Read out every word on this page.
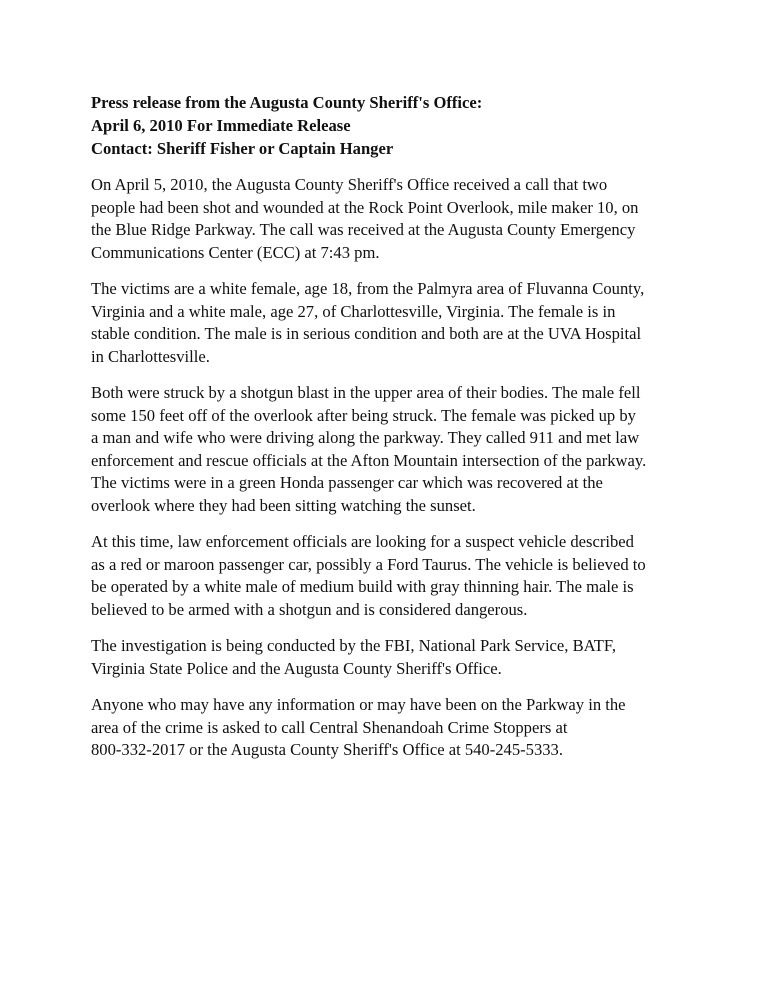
Press release from the Augusta County Sheriff's Office:
April 6, 2010 For Immediate Release
Contact: Sheriff Fisher or Captain Hanger
On April 5, 2010, the Augusta County Sheriff's Office received a call that two
people had been shot and wounded at the Rock Point Overlook, mile maker 10, on
the Blue Ridge Parkway. The call was received at the Augusta County Emergency
Communications Center (ECC) at 7:43 pm.
The victims are a white female, age 18, from the Palmyra area of Fluvanna County,
Virginia and a white male, age 27, of Charlottesville, Virginia. The female is in
stable condition. The male is in serious condition and both are at the UVA Hospital
in Charlottesville.
Both were struck by a shotgun blast in the upper area of their bodies. The male fell
some 150 feet off of the overlook after being struck. The female was picked up by
a man and wife who were driving along the parkway. They called 911 and met law
enforcement and rescue officials at the Afton Mountain intersection of the parkway.
The victims were in a green Honda passenger car which was recovered at the
overlook where they had been sitting watching the sunset.
At this time, law enforcement officials are looking for a suspect vehicle described
as a red or maroon passenger car, possibly a Ford Taurus. The vehicle is believed to
be operated by a white male of medium build with gray thinning hair. The male is
believed to be armed with a shotgun and is considered dangerous.
The investigation is being conducted by the FBI, National Park Service, BATF,
Virginia State Police and the Augusta County Sheriff's Office.
Anyone who may have any information or may have been on the Parkway in the
area of the crime is asked to call Central Shenandoah Crime Stoppers at
800-332-2017 or the Augusta County Sheriff's Office at 540-245-5333.
